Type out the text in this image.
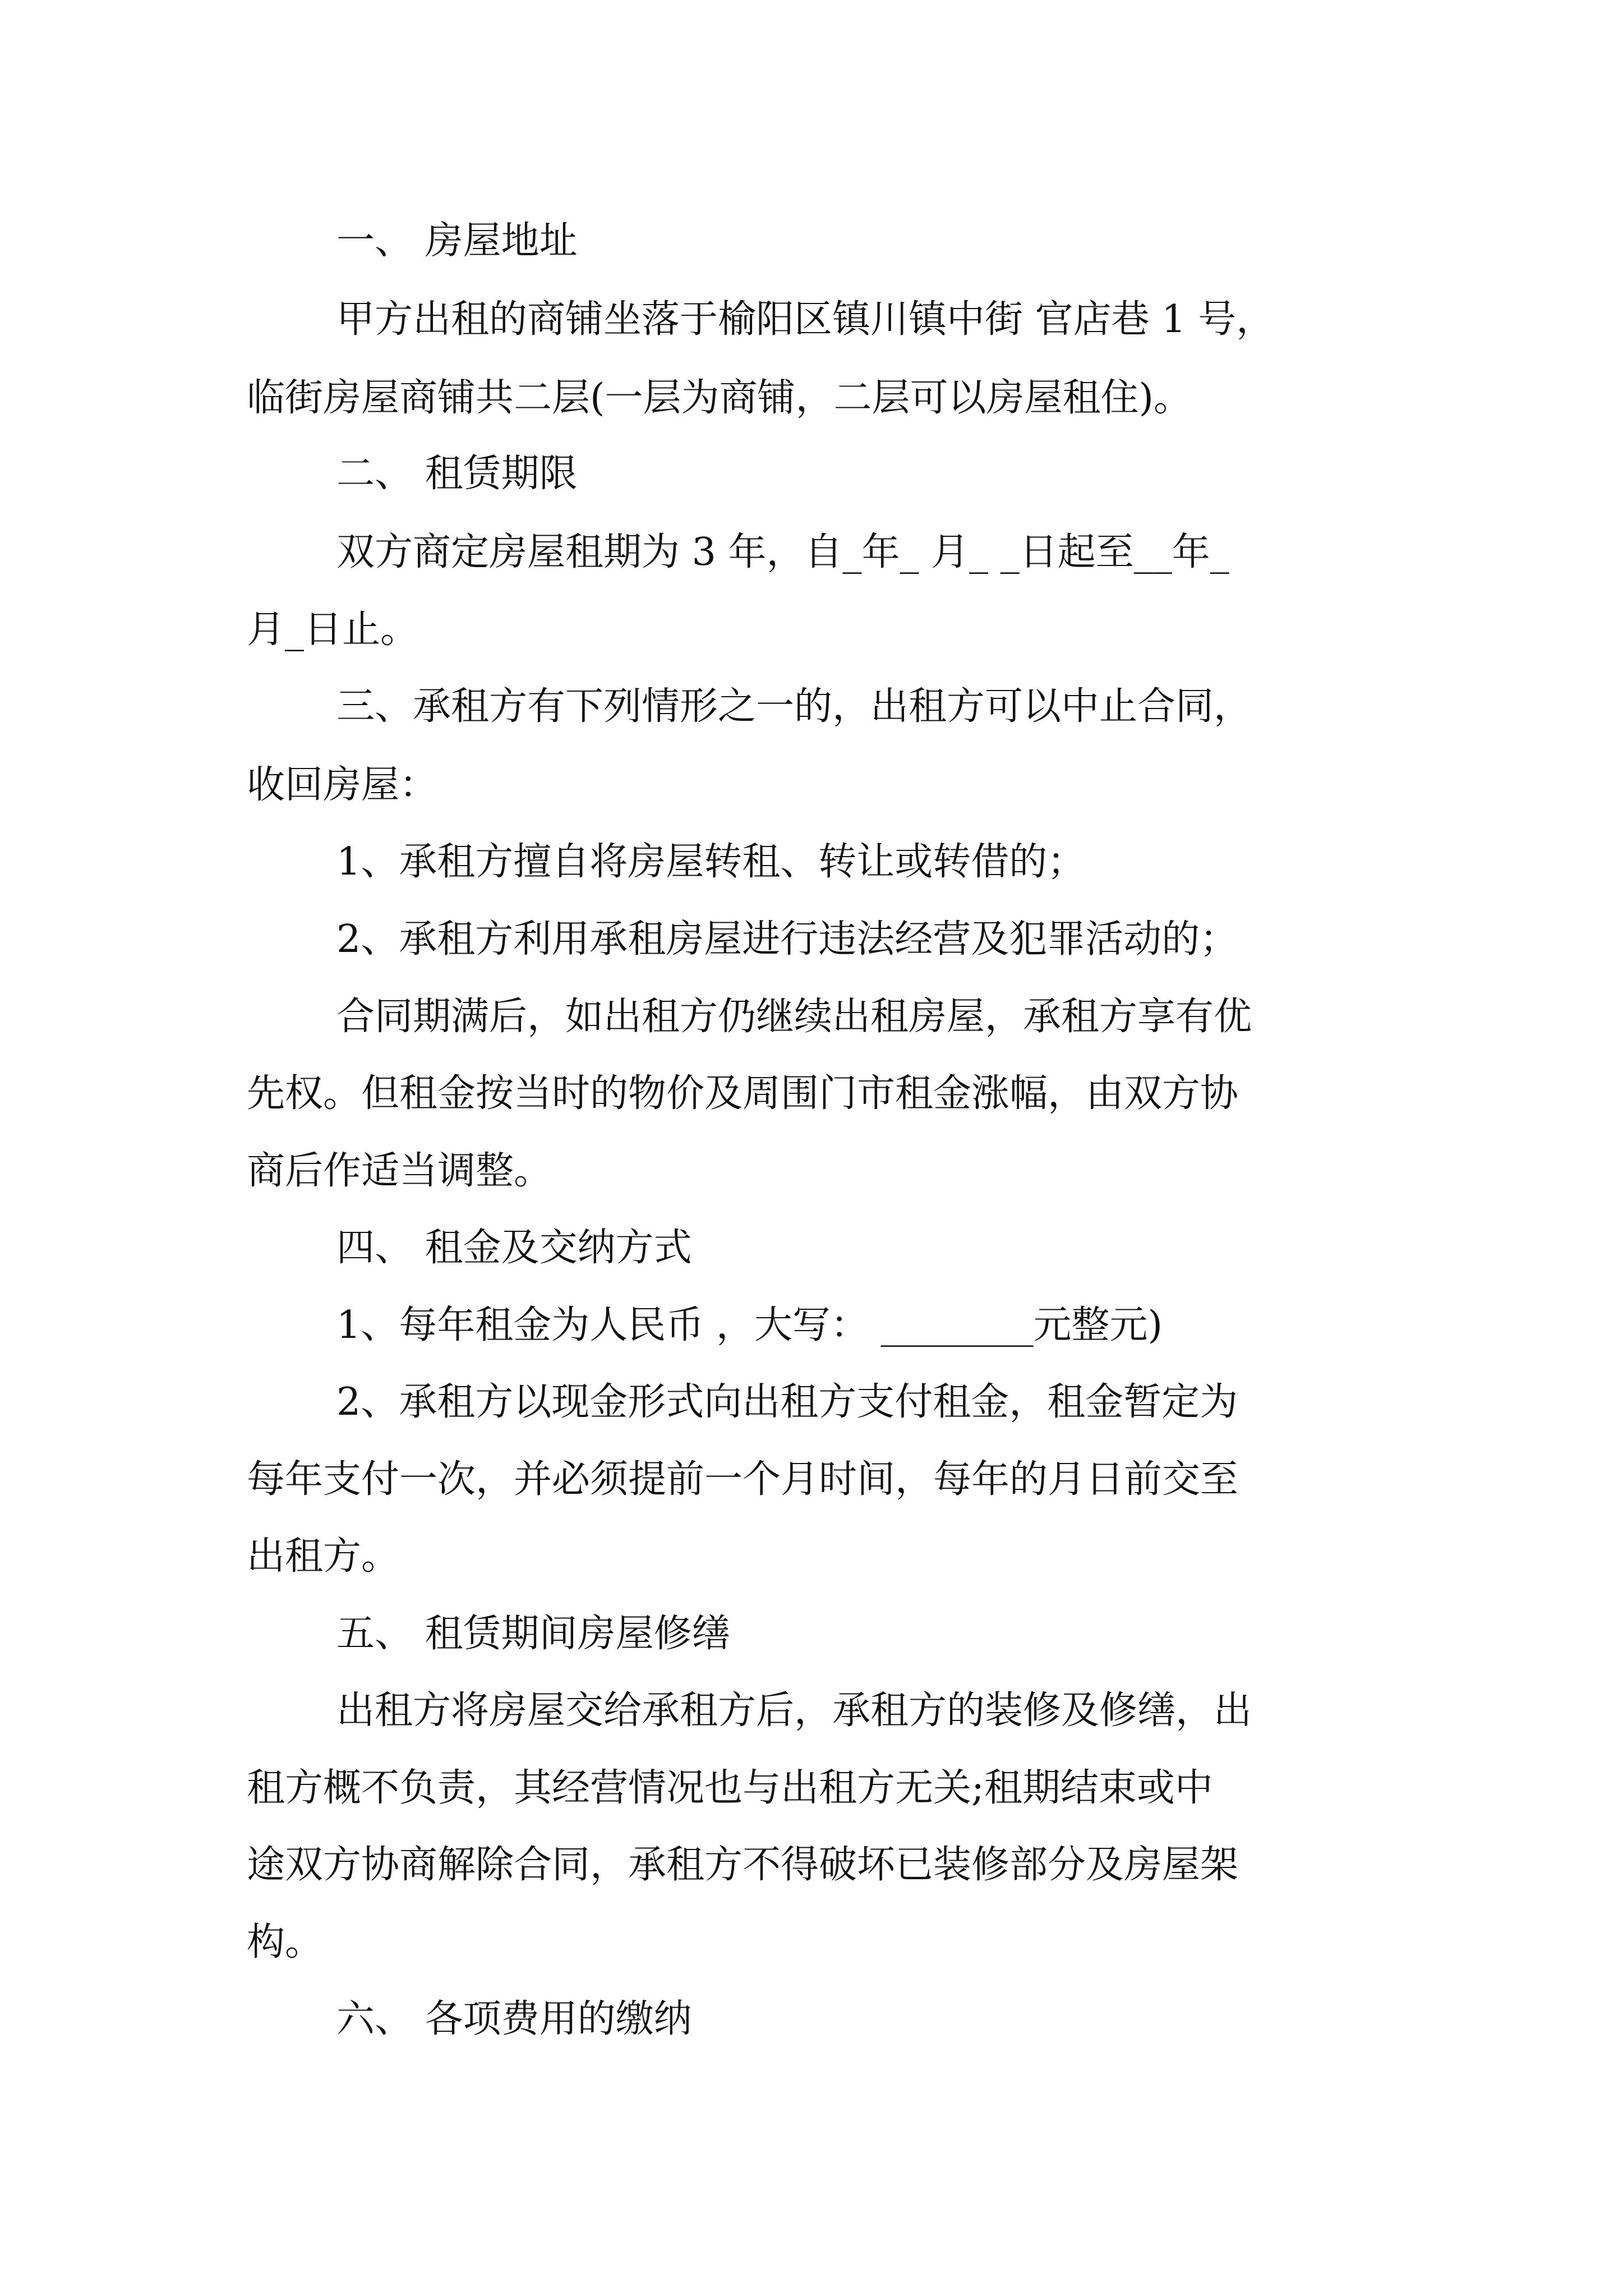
一、 房屋地址
甲方出租的商铺坐落于榆阳区镇川镇中街 官店巷 1 号，
临街房屋商铺共二层(一层为商铺，二层可以房屋租住)。
二、 租赁期限
双方商定房屋租期为 3 年，自_年_ 月_ _日起至__年_
月_日止。
三、承租方有下列情形之一的，出租方可以中止合同，
收回房屋：
1、承租方擅自将房屋转租、转让或转借的；
2、承租方利用承租房屋进行违法经营及犯罪活动的；
合同期满后，如出租方仍继续出租房屋，承租方享有优
先权。但租金按当时的物价及周围门市租金涨幅，由双方协
商后作适当调整。
四、 租金及交纳方式
1、每年租金为人民币 ，大写： ________元整元)
2、承租方以现金形式向出租方支付租金，租金暂定为
每年支付一次，并必须提前一个月时间，每年的月日前交至
出租方。
五、 租赁期间房屋修缮
出租方将房屋交给承租方后，承租方的装修及修缮，出
租方概不负责，其经营情况也与出租方无关;租期结束或中
途双方协商解除合同，承租方不得破坏已装修部分及房屋架
构。
六、 各项费用的缴纳
